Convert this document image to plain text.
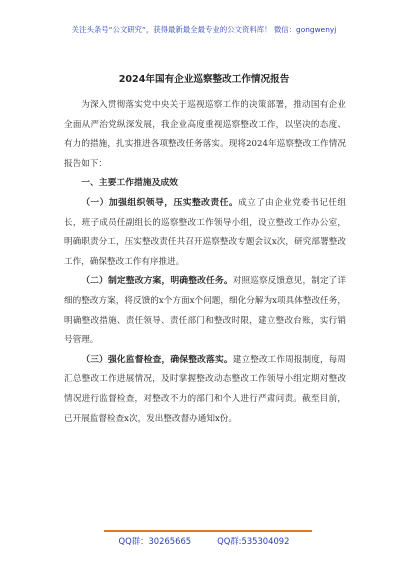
关注头条号“公文研究”，获得最新最全最专业的公文资料库！ 微信：gongwenyj
2024年国有企业巡察整改工作情况报告

为深入贯彻落实党中央关于巡视巡察工作的决策部署，推动国有企业全面从严治党纵深发展，我企业高度重视巡察整改工作，以坚决的态度、有力的措施，扎实推进各项整改任务落实。现将2024年巡察整改工作情况报告如下：

一、主要工作措施及成效

（一）加强组织领导，压实整改责任。成立了由企业党委书记任组长，班子成员任副组长的巡察整改工作领导小组，设立整改工作办公室，明确职责分工，压实整改责任共召开巡察整改专题会议x次，研究部署整改工作，确保整改工作有序推进。

（二）制定整改方案，明确整改任务。对照巡察反馈意见，制定了详细的整改方案，将反馈的x个方面x个问题，细化分解为x项具体整改任务，明确整改措施、责任领导、责任部门和整改时限，建立整改台账，实行销号管理。

（三）强化监督检查，确保整改落实。建立整改工作周报制度，每周汇总整改工作进展情况，及时掌握整改动态整改工作领导小组定期对整改情况进行监督检查，对整改不力的部门和个人进行严肃问责。截至目前，已开展监督检查x次，发出整改督办通知x份。

QQ群：30265665	QQ群:535304092
